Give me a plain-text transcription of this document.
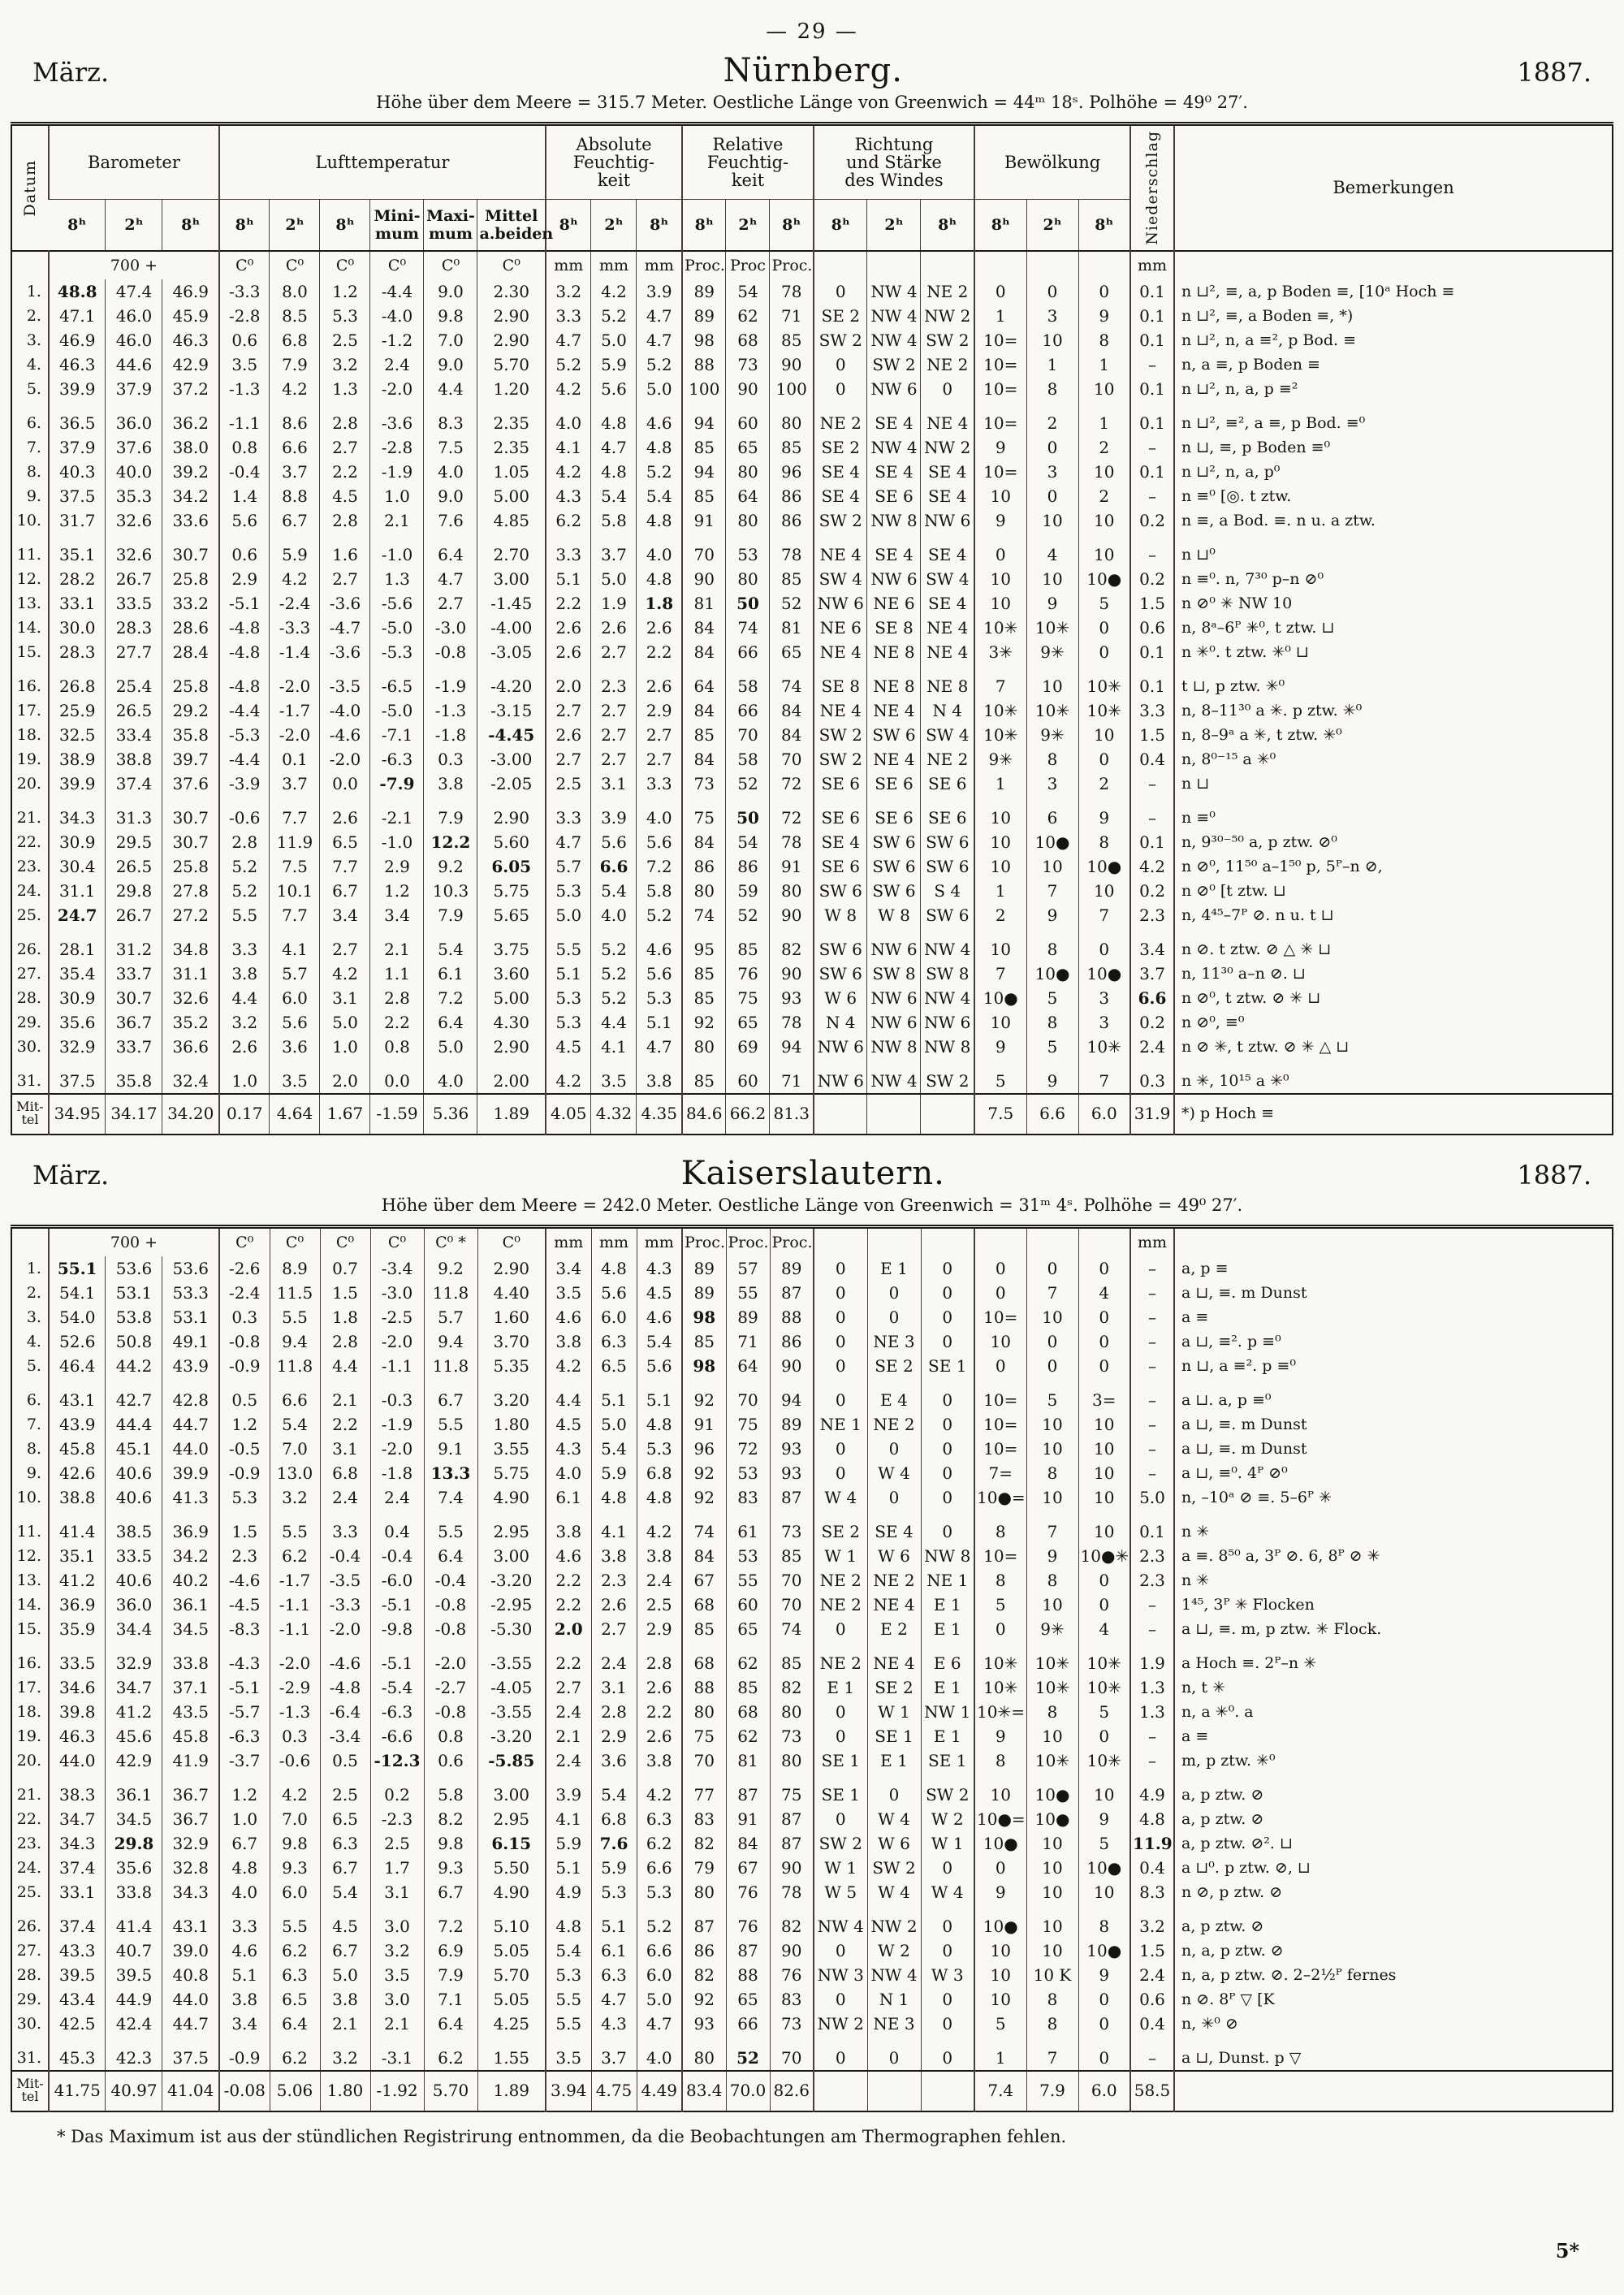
— 29 —
März.	Nürnberg.	1887.
Höhe über dem Meere = 315.7 Meter. Oestliche Länge von Greenwich = 44ᵐ 18ˢ. Polhöhe = 49⁰ 27′.
Datum	Barometer			Lufttemperatur						Absolute
Feuchtig-
keit			Relative
Feuchtig-
keit			Richtung
und Stärke
des Windes			Bewölkung			Niederschlag	Bemerkungen
	8ʰ	2ʰ	8ʰ	8ʰ	2ʰ	8ʰ	Mini-
mum	Maxi-
mum	Mittel
a.beiden	8ʰ	2ʰ	8ʰ	8ʰ	2ʰ	8ʰ	8ʰ	2ʰ	8ʰ	8ʰ	2ʰ	8ʰ		
	700 +			C⁰	C⁰	C⁰	C⁰	C⁰	C⁰	mm	mm	mm	Proc.	Proc	Proc.							mm	
1.	48.8	47.4	46.9	-3.3	8.0	1.2	-4.4	9.0	2.30	3.2	4.2	3.9	89	54	78	0	NW 4	NE 2	0	0	0	0.1	n ⊔², ≡, a, p Boden ≡, [10ᵃ Hoch ≡
2.	47.1	46.0	45.9	-2.8	8.5	5.3	-4.0	9.8	2.90	3.3	5.2	4.7	89	62	71	SE 2	NW 4	NW 2	1	3	9	0.1	n ⊔², ≡, a Boden ≡, *)
3.	46.9	46.0	46.3	0.6	6.8	2.5	-1.2	7.0	2.90	4.7	5.0	4.7	98	68	85	SW 2	NW 4	SW 2	10=	10	8	0.1	n ⊔², n, a ≡², p Bod. ≡
4.	46.3	44.6	42.9	3.5	7.9	3.2	2.4	9.0	5.70	5.2	5.9	5.2	88	73	90	0	SW 2	NE 2	10=	1	1	–	n, a ≡, p Boden ≡
5.	39.9	37.9	37.2	-1.3	4.2	1.3	-2.0	4.4	1.20	4.2	5.6	5.0	100	90	100	0	NW 6	0	10=	8	10	0.1	n ⊔², n, a, p ≡²
6.	36.5	36.0	36.2	-1.1	8.6	2.8	-3.6	8.3	2.35	4.0	4.8	4.6	94	60	80	NE 2	SE 4	NE 4	10=	2	1	0.1	n ⊔², ≡², a ≡, p Bod. ≡⁰
7.	37.9	37.6	38.0	0.8	6.6	2.7	-2.8	7.5	2.35	4.1	4.7	4.8	85	65	85	SE 2	NW 4	NW 2	9	0	2	–	n ⊔, ≡, p Boden ≡⁰
8.	40.3	40.0	39.2	-0.4	3.7	2.2	-1.9	4.0	1.05	4.2	4.8	5.2	94	80	96	SE 4	SE 4	SE 4	10=	3	10	0.1	n ⊔², n, a, p⁰
9.	37.5	35.3	34.2	1.4	8.8	4.5	1.0	9.0	5.00	4.3	5.4	5.4	85	64	86	SE 4	SE 6	SE 4	10	0	2	–	n ≡⁰ [◎. t ztw.
10.	31.7	32.6	33.6	5.6	6.7	2.8	2.1	7.6	4.85	6.2	5.8	4.8	91	80	86	SW 2	NW 8	NW 6	9	10	10	0.2	n ≡, a Bod. ≡. n u. a ztw.
11.	35.1	32.6	30.7	0.6	5.9	1.6	-1.0	6.4	2.70	3.3	3.7	4.0	70	53	78	NE 4	SE 4	SE 4	0	4	10	–	n ⊔⁰
12.	28.2	26.7	25.8	2.9	4.2	2.7	1.3	4.7	3.00	5.1	5.0	4.8	90	80	85	SW 4	NW 6	SW 4	10	10	10●	0.2	n ≡⁰. n, 7³⁰ p–n ⊘⁰
13.	33.1	33.5	33.2	-5.1	-2.4	-3.6	-5.6	2.7	-1.45	2.2	1.9	1.8	81	50	52	NW 6	NE 6	SE 4	10	9	5	1.5	n ⊘⁰ ✳ NW 10
14.	30.0	28.3	28.6	-4.8	-3.3	-4.7	-5.0	-3.0	-4.00	2.6	2.6	2.6	84	74	81	NE 6	SE 8	NE 4	10✳	10✳	0	0.6	n, 8ᵃ–6ᴾ ✳⁰, t ztw. ⊔
15.	28.3	27.7	28.4	-4.8	-1.4	-3.6	-5.3	-0.8	-3.05	2.6	2.7	2.2	84	66	65	NE 4	NE 8	NE 4	3✳	9✳	0	0.1	n ✳⁰. t ztw. ✳⁰ ⊔
16.	26.8	25.4	25.8	-4.8	-2.0	-3.5	-6.5	-1.9	-4.20	2.0	2.3	2.6	64	58	74	SE 8	NE 8	NE 8	7	10	10✳	0.1	t ⊔, p ztw. ✳⁰
17.	25.9	26.5	29.2	-4.4	-1.7	-4.0	-5.0	-1.3	-3.15	2.7	2.7	2.9	84	66	84	NE 4	NE 4	N 4	10✳	10✳	10✳	3.3	n, 8–11³⁰ a ✳. p ztw. ✳⁰
18.	32.5	33.4	35.8	-5.3	-2.0	-4.6	-7.1	-1.8	-4.45	2.6	2.7	2.7	85	70	84	SW 2	SW 6	SW 4	10✳	9✳	10	1.5	n, 8–9ᵃ a ✳, t ztw. ✳⁰
19.	38.9	38.8	39.7	-4.4	0.1	-2.0	-6.3	0.3	-3.00	2.7	2.7	2.7	84	58	70	SW 2	NE 4	NE 2	9✳	8	0	0.4	n, 8⁰⁻¹⁵ a ✳⁰
20.	39.9	37.4	37.6	-3.9	3.7	0.0	-7.9	3.8	-2.05	2.5	3.1	3.3	73	52	72	SE 6	SE 6	SE 6	1	3	2	–	n ⊔
21.	34.3	31.3	30.7	-0.6	7.7	2.6	-2.1	7.9	2.90	3.3	3.9	4.0	75	50	72	SE 6	SE 6	SE 6	10	6	9	–	n ≡⁰
22.	30.9	29.5	30.7	2.8	11.9	6.5	-1.0	12.2	5.60	4.7	5.6	5.6	84	54	78	SE 4	SW 6	SW 6	10	10●	8	0.1	n, 9³⁰⁻⁵⁰ a, p ztw. ⊘⁰
23.	30.4	26.5	25.8	5.2	7.5	7.7	2.9	9.2	6.05	5.7	6.6	7.2	86	86	91	SE 6	SW 6	SW 6	10	10	10●	4.2	n ⊘⁰, 11⁵⁰ a–1⁵⁰ p, 5ᴾ–n ⊘,
24.	31.1	29.8	27.8	5.2	10.1	6.7	1.2	10.3	5.75	5.3	5.4	5.8	80	59	80	SW 6	SW 6	S 4	1	7	10	0.2	n ⊘⁰ [t ztw. ⊔
25.	24.7	26.7	27.2	5.5	7.7	3.4	3.4	7.9	5.65	5.0	4.0	5.2	74	52	90	W 8	W 8	SW 6	2	9	7	2.3	n, 4⁴⁵–7ᴾ ⊘. n u. t ⊔
26.	28.1	31.2	34.8	3.3	4.1	2.7	2.1	5.4	3.75	5.5	5.2	4.6	95	85	82	SW 6	NW 6	NW 4	10	8	0	3.4	n ⊘. t ztw. ⊘ △ ✳ ⊔
27.	35.4	33.7	31.1	3.8	5.7	4.2	1.1	6.1	3.60	5.1	5.2	5.6	85	76	90	SW 6	SW 8	SW 8	7	10●	10●	3.7	n, 11³⁰ a–n ⊘. ⊔
28.	30.9	30.7	32.6	4.4	6.0	3.1	2.8	7.2	5.00	5.3	5.2	5.3	85	75	93	W 6	NW 6	NW 4	10●	5	3	6.6	n ⊘⁰, t ztw. ⊘ ✳ ⊔
29.	35.6	36.7	35.2	3.2	5.6	5.0	2.2	6.4	4.30	5.3	4.4	5.1	92	65	78	N 4	NW 6	NW 6	10	8	3	0.2	n ⊘⁰, ≡⁰
30.	32.9	33.7	36.6	2.6	3.6	1.0	0.8	5.0	2.90	4.5	4.1	4.7	80	69	94	NW 6	NW 8	NW 8	9	5	10✳	2.4	n ⊘ ✳, t ztw. ⊘ ✳ △ ⊔
31.	37.5	35.8	32.4	1.0	3.5	2.0	0.0	4.0	2.00	4.2	3.5	3.8	85	60	71	NW 6	NW 4	SW 2	5	9	7	0.3	n ✳, 10¹⁵ a ✳⁰
Mit-
tel	34.95	34.17	34.20	0.17	4.64	1.67	-1.59	5.36	1.89	4.05	4.32	4.35	84.6	66.2	81.3				7.5	6.6	6.0	31.9	*) p Hoch ≡
März.	Kaiserslautern.	1887.
Höhe über dem Meere = 242.0 Meter. Oestliche Länge von Greenwich = 31ᵐ 4ˢ. Polhöhe = 49⁰ 27′.
	700 +			C⁰	C⁰	C⁰	C⁰	C⁰ *	C⁰	mm	mm	mm	Proc.	Proc.	Proc.							mm	
1.	55.1	53.6	53.6	-2.6	8.9	0.7	-3.4	9.2	2.90	3.4	4.8	4.3	89	57	89	0	E 1	0	0	0	0	–	a, p ≡
2.	54.1	53.1	53.3	-2.4	11.5	1.5	-3.0	11.8	4.40	3.5	5.6	4.5	89	55	87	0	0	0	0	7	4	–	a ⊔, ≡. m Dunst
3.	54.0	53.8	53.1	0.3	5.5	1.8	-2.5	5.7	1.60	4.6	6.0	4.6	98	89	88	0	0	0	10=	10	0	–	a ≡
4.	52.6	50.8	49.1	-0.8	9.4	2.8	-2.0	9.4	3.70	3.8	6.3	5.4	85	71	86	0	NE 3	0	10	0	0	–	a ⊔, ≡². p ≡⁰
5.	46.4	44.2	43.9	-0.9	11.8	4.4	-1.1	11.8	5.35	4.2	6.5	5.6	98	64	90	0	SE 2	SE 1	0	0	0	–	n ⊔, a ≡². p ≡⁰
6.	43.1	42.7	42.8	0.5	6.6	2.1	-0.3	6.7	3.20	4.4	5.1	5.1	92	70	94	0	E 4	0	10=	5	3=	–	a ⊔. a, p ≡⁰
7.	43.9	44.4	44.7	1.2	5.4	2.2	-1.9	5.5	1.80	4.5	5.0	4.8	91	75	89	NE 1	NE 2	0	10=	10	10	–	a ⊔, ≡. m Dunst
8.	45.8	45.1	44.0	-0.5	7.0	3.1	-2.0	9.1	3.55	4.3	5.4	5.3	96	72	93	0	0	0	10=	10	10	–	a ⊔, ≡. m Dunst
9.	42.6	40.6	39.9	-0.9	13.0	6.8	-1.8	13.3	5.75	4.0	5.9	6.8	92	53	93	0	W 4	0	7=	8	10	–	a ⊔, ≡⁰. 4ᴾ ⊘⁰
10.	38.8	40.6	41.3	5.3	3.2	2.4	2.4	7.4	4.90	6.1	4.8	4.8	92	83	87	W 4	0	0	10●=	10	10	5.0	n, –10ᵃ ⊘ ≡. 5–6ᴾ ✳
11.	41.4	38.5	36.9	1.5	5.5	3.3	0.4	5.5	2.95	3.8	4.1	4.2	74	61	73	SE 2	SE 4	0	8	7	10	0.1	n ✳
12.	35.1	33.5	34.2	2.3	6.2	-0.4	-0.4	6.4	3.00	4.6	3.8	3.8	84	53	85	W 1	W 6	NW 8	10=	9	10●✳	2.3	a ≡. 8⁵⁰ a, 3ᴾ ⊘. 6, 8ᴾ ⊘ ✳
13.	41.2	40.6	40.2	-4.6	-1.7	-3.5	-6.0	-0.4	-3.20	2.2	2.3	2.4	67	55	70	NE 2	NE 2	NE 1	8	8	0	2.3	n ✳
14.	36.9	36.0	36.1	-4.5	-1.1	-3.3	-5.1	-0.8	-2.95	2.2	2.6	2.5	68	60	70	NE 2	NE 4	E 1	5	10	0	–	1⁴⁵, 3ᴾ ✳ Flocken
15.	35.9	34.4	34.5	-8.3	-1.1	-2.0	-9.8	-0.8	-5.30	2.0	2.7	2.9	85	65	74	0	E 2	E 1	0	9✳	4	–	a ⊔, ≡. m, p ztw. ✳ Flock.
16.	33.5	32.9	33.8	-4.3	-2.0	-4.6	-5.1	-2.0	-3.55	2.2	2.4	2.8	68	62	85	NE 2	NE 4	E 6	10✳	10✳	10✳	1.9	a Hoch ≡. 2ᴾ–n ✳
17.	34.6	34.7	37.1	-5.1	-2.9	-4.8	-5.4	-2.7	-4.05	2.7	3.1	2.6	88	85	82	E 1	SE 2	E 1	10✳	10✳	10✳	1.3	n, t ✳
18.	39.8	41.2	43.5	-5.7	-1.3	-6.4	-6.3	-0.8	-3.55	2.4	2.8	2.2	80	68	80	0	W 1	NW 1	10✳=	8	5	1.3	n, a ✳⁰. a
19.	46.3	45.6	45.8	-6.3	0.3	-3.4	-6.6	0.8	-3.20	2.1	2.9	2.6	75	62	73	0	SE 1	E 1	9	10	0	–	a ≡
20.	44.0	42.9	41.9	-3.7	-0.6	0.5	-12.3	0.6	-5.85	2.4	3.6	3.8	70	81	80	SE 1	E 1	SE 1	8	10✳	10✳	–	m, p ztw. ✳⁰
21.	38.3	36.1	36.7	1.2	4.2	2.5	0.2	5.8	3.00	3.9	5.4	4.2	77	87	75	SE 1	0	SW 2	10	10●	10	4.9	a, p ztw. ⊘
22.	34.7	34.5	36.7	1.0	7.0	6.5	-2.3	8.2	2.95	4.1	6.8	6.3	83	91	87	0	W 4	W 2	10●=	10●	9	4.8	a, p ztw. ⊘
23.	34.3	29.8	32.9	6.7	9.8	6.3	2.5	9.8	6.15	5.9	7.6	6.2	82	84	87	SW 2	W 6	W 1	10●	10	5	11.9	a, p ztw. ⊘². ⊔
24.	37.4	35.6	32.8	4.8	9.3	6.7	1.7	9.3	5.50	5.1	5.9	6.6	79	67	90	W 1	SW 2	0	0	10	10●	0.4	a ⊔⁰. p ztw. ⊘, ⊔
25.	33.1	33.8	34.3	4.0	6.0	5.4	3.1	6.7	4.90	4.9	5.3	5.3	80	76	78	W 5	W 4	W 4	9	10	10	8.3	n ⊘, p ztw. ⊘
26.	37.4	41.4	43.1	3.3	5.5	4.5	3.0	7.2	5.10	4.8	5.1	5.2	87	76	82	NW 4	NW 2	0	10●	10	8	3.2	a, p ztw. ⊘
27.	43.3	40.7	39.0	4.6	6.2	6.7	3.2	6.9	5.05	5.4	6.1	6.6	86	87	90	0	W 2	0	10	10	10●	1.5	n, a, p ztw. ⊘
28.	39.5	39.5	40.8	5.1	6.3	5.0	3.5	7.9	5.70	5.3	6.3	6.0	82	88	76	NW 3	NW 4	W 3	10	10 K	9	2.4	n, a, p ztw. ⊘. 2–2½ᴾ fernes
29.	43.4	44.9	44.0	3.8	6.5	3.8	3.0	7.1	5.05	5.5	4.7	5.0	92	65	83	0	N 1	0	10	8	0	0.6	n ⊘. 8ᴾ ▽ [K
30.	42.5	42.4	44.7	3.4	6.4	2.1	2.1	6.4	4.25	5.5	4.3	4.7	93	66	73	NW 2	NE 3	0	5	8	0	0.4	n, ✳⁰ ⊘
31.	45.3	42.3	37.5	-0.9	6.2	3.2	-3.1	6.2	1.55	3.5	3.7	4.0	80	52	70	0	0	0	1	7	0	–	a ⊔, Dunst. p ▽
Mit-
tel	41.75	40.97	41.04	-0.08	5.06	1.80	-1.92	5.70	1.89	3.94	4.75	4.49	83.4	70.0	82.6				7.4	7.9	6.0	58.5	
* Das Maximum ist aus der stündlichen Registrirung entnommen, da die Beobachtungen am Thermographen fehlen.
5*
